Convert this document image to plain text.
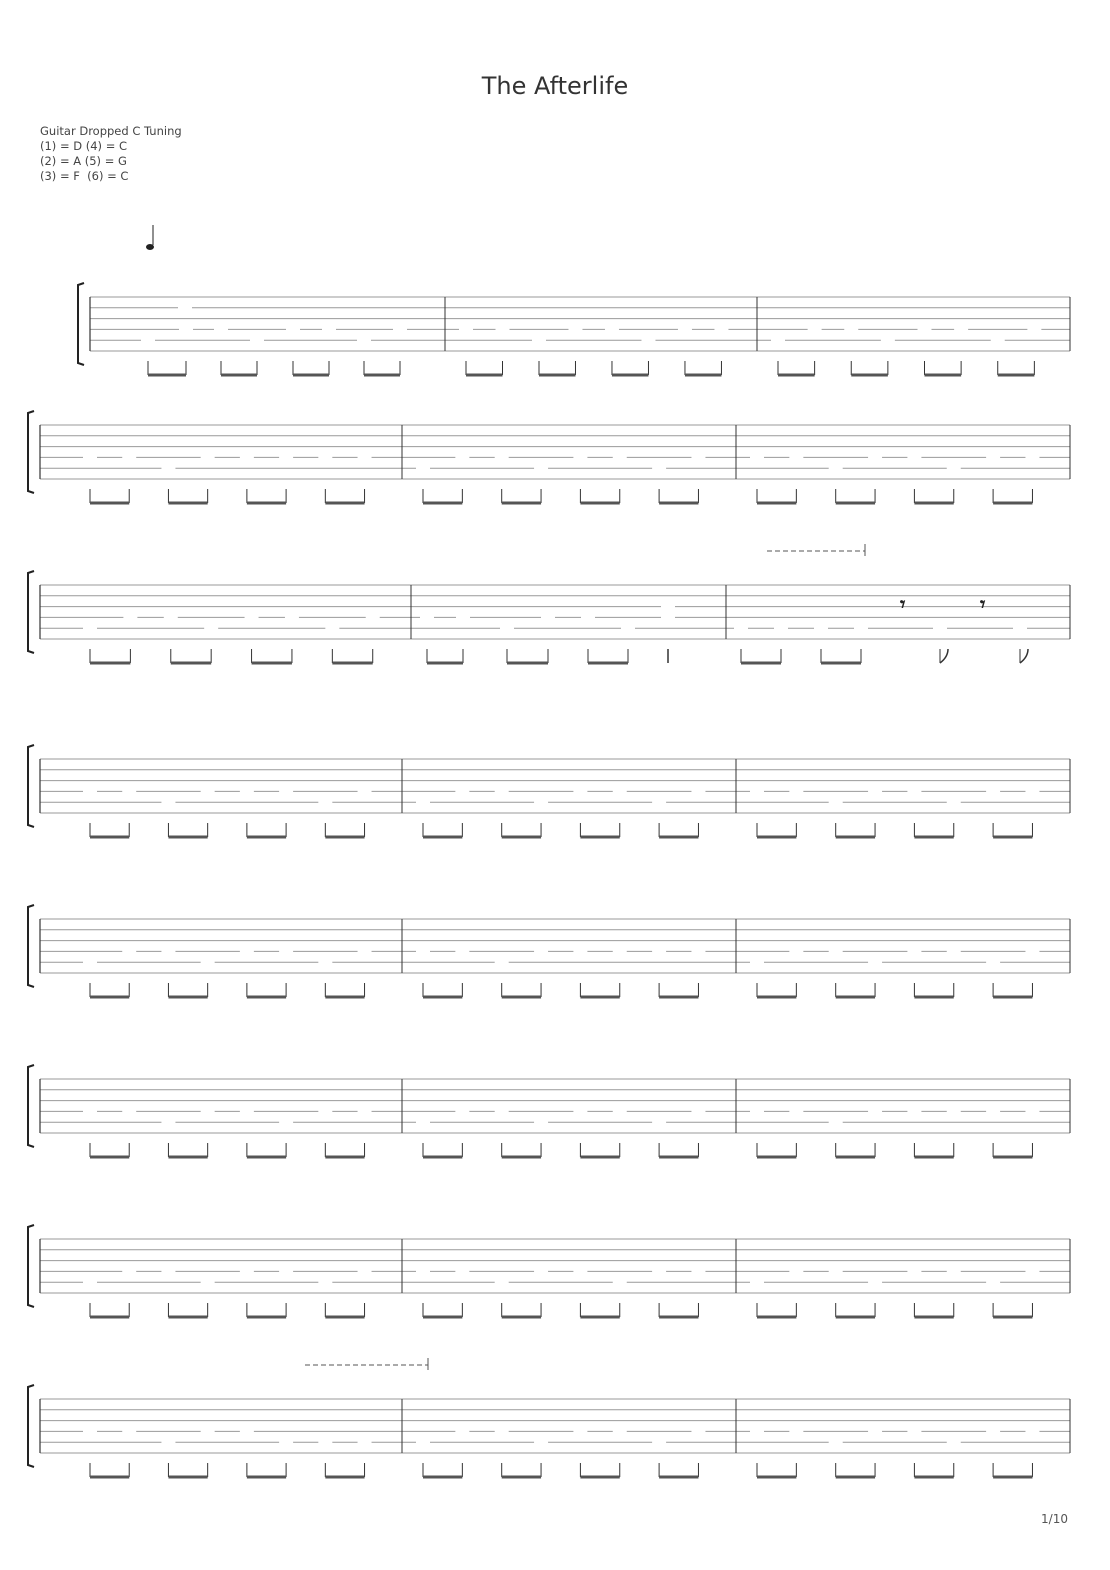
The Afterlife
Guitar Dropped C Tuning
(1) = D (4) = C
(2) = A (5) = G
(3) = F  (6) = C
1/10
𝄾	𝄾
